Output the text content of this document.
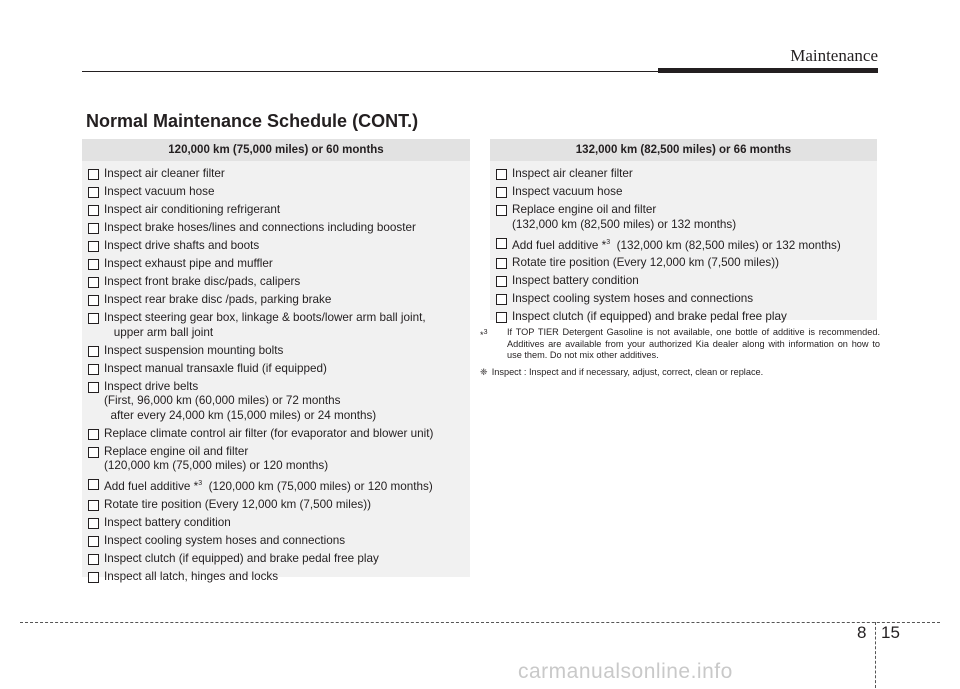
Maintenance
Normal Maintenance Schedule (CONT.)
120,000 km (75,000 miles) or 60 months
Inspect air cleaner filter
Inspect vacuum hose
Inspect air conditioning refrigerant
Inspect brake hoses/lines and connections including booster
Inspect drive shafts and boots
Inspect exhaust pipe and muffler
Inspect front brake disc/pads, calipers
Inspect rear brake disc /pads, parking brake
Inspect steering gear box, linkage & boots/lower arm ball joint,
upper arm ball joint
Inspect suspension mounting bolts
Inspect manual transaxle fluid (if equipped)
Inspect drive belts
(First, 96,000 km (60,000 miles) or 72 months
after every 24,000 km (15,000 miles) or 24 months)
Replace climate control air filter (for evaporator and blower unit)
Replace engine oil and filter
(120,000 km (75,000 miles) or 120 months)
Add fuel additive *$^3$  (120,000 km (75,000 miles) or 120 months)
Rotate tire position (Every 12,000 km (7,500 miles))
Inspect battery condition
Inspect cooling system hoses and connections
Inspect clutch (if equipped) and brake pedal free play
Inspect all latch, hinges and locks
132,000 km (82,500 miles) or 66 months
Inspect air cleaner filter
Inspect vacuum hose
Replace engine oil and filter
(132,000 km (82,500 miles) or 132 months)
Add fuel additive *$^3$  (132,000 km (82,500 miles) or 132 months)
Rotate tire position (Every 12,000 km (7,500 miles))
Inspect battery condition
Inspect cooling system hoses and connections
Inspect clutch (if equipped) and brake pedal free play
*$^3$	If TOP TIER Detergent Gasoline is not available, one bottle of additive is recommended. Additives are available from your authorized Kia dealer along with information on how to use them. Do not mix other additives.
❈ Inspect : Inspect and if necessary, adjust, correct, clean or replace.
8 15
carmanualsonline.info
